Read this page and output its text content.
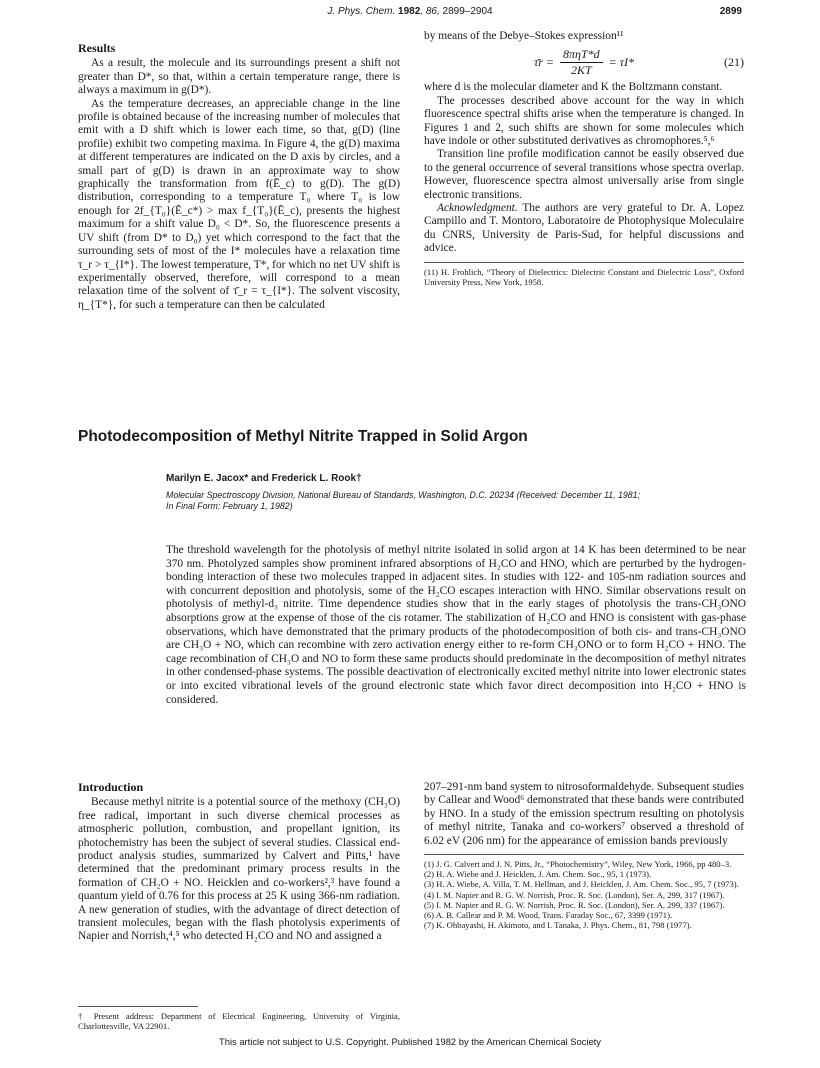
J. Phys. Chem. 1982, 86, 2899–2904	2899
Results

As a result, the molecule and its surroundings present a shift not greater than D*, so that, within a certain temperature range, there is always a maximum in g(D*).

As the temperature decreases, an appreciable change in the line profile is obtained because of the increasing number of molecules that emit with a D shift which is lower each time, so that, g(D) (line profile) exhibit two competing maxima. In Figure 4, the g(D) maxima at different temperatures are indicated on the D axis by circles, and a small part of g(D) is drawn in an approximate way to show graphically the transformation from f(Ē_c) to g(D). The g(D) distribution, corresponding to a temperature T₀ where T₀ is low enough for 2f_{T₀}(Ē_c*) > max f_{T₀}(Ē_c), presents the highest maximum for a shift value D₀ < D*. So, the fluorescence presents a UV shift (from D* to D₀) yet which correspond to the fact that the surrounding sets of most of the I* molecules have a relaxation time τ_r > τ_{I*}. The lowest temperature, T*, for which no net UV shift is experimentally observed, therefore, will correspond to a mean relaxation time of the solvent of τ̄_r = τ_{I*}. The solvent viscosity, η_{T*}, for such a temperature can then be calculated

by means of the Debye–Stokes expression¹¹

τ̄r = $\frac{\text{8πηT*d}}{2KT} = \tau I*$	(21)

where d is the molecular diameter and K the Boltzmann constant.

The processes described above account for the way in which fluorescence spectral shifts arise when the temperature is changed. In Figures 1 and 2, such shifts are shown for some molecules which have indole or other substituted derivatives as chromophores.⁵,⁶

Transition line profile modification cannot be easily observed due to the general occurrence of several transitions whose spectra overlap. However, fluorescence spectra almost universally arise from single electronic transitions.

Acknowledgment. The authors are very grateful to Dr. A. Lopez Campillo and T. Montoro, Laboratoire de Photophysique Moleculaire du CNRS, University de Paris-Sud, for helpful discussions and advice.

(11) H. Frohlich, “Theory of Dielectrics: Dielectric Constant and Dielectric Loss”, Oxford University Press, New York, 1958.
Photodecomposition of Methyl Nitrite Trapped in Solid Argon
Marilyn E. Jacox* and Frederick L. Rook†
Molecular Spectroscopy Division, National Bureau of Standards, Washington, D.C. 20234 (Received: December 11, 1981;
In Final Form: February 1, 1982)

The threshold wavelength for the photolysis of methyl nitrite isolated in solid argon at 14 K has been determined to be near 370 nm. Photolyzed samples show prominent infrared absorptions of H₂CO and HNO, which are perturbed by the hydrogen-bonding interaction of these two molecules trapped in adjacent sites. In studies with 122- and 105-nm radiation sources and with concurrent deposition and photolysis, some of the H₂CO escapes interaction with HNO. Similar observations result on photolysis of methyl-d₃ nitrite. Time dependence studies show that in the early stages of photolysis the trans-CH₃ONO absorptions grow at the expense of those of the cis rotamer. The stabilization of H₂CO and HNO is consistent with gas-phase observations, which have demonstrated that the primary products of the photodecomposition of both cis- and trans-CH₃ONO are CH₃O + NO, which can recombine with zero activation energy either to re-form CH₃ONO or to form H₂CO + HNO. The cage recombination of CH₃O and NO to form these same products should predominate in the decomposition of methyl nitrates in other condensed-phase systems. The possible deactivation of electronically excited methyl nitrite into lower electronic states or into excited vibrational levels of the ground electronic state which favor direct decomposition into H₂CO + HNO is considered.

Introduction

Because methyl nitrite is a potential source of the methoxy (CH₃O) free radical, important in such diverse chemical processes as atmospheric pollution, combustion, and propellant ignition, its photochemistry has been the subject of several studies. Classical end-product analysis studies, summarized by Calvert and Pitts,¹ have determined that the predominant primary process results in the formation of CH₂O + NO. Heicklen and co-workers²,³ have found a quantum yield of 0.76 for this process at 25 K using 366-nm radiation. A new generation of studies, with the advantage of direct detection of transient molecules, began with the flash photolysis experiments of Napier and Norrish,⁴,⁵ who detected H₂CO and NO and assigned a

† Present address: Department of Electrical Engineering, University of Virginia, Charlottesville, VA 22901.

207–291-nm band system to nitrosoformaldehyde. Subsequent studies by Callear and Wood⁶ demonstrated that these bands were contributed by HNO. In a study of the emission spectrum resulting on photolysis of methyl nitrite, Tanaka and co-workers⁷ observed a threshold of 6.02 eV (206 nm) for the appearance of emission bands previously

(1) J. G. Calvert and J. N. Pitts, Jr., “Photochemistry”, Wiley, New York, 1966, pp 480–3.
(2) H. A. Wiebe and J. Heicklen, J. Am. Chem. Soc., 95, 1 (1973).
(3) H. A. Wiebe, A. Villa, T. M. Hellman, and J. Heicklen, J. Am. Chem. Soc., 95, 7 (1973).
(4) I. M. Napier and R. G. W. Norrish, Proc. R. Soc. (London), Ser. A, 299, 317 (1967).
(5) I. M. Napier and R. G. W. Norrish, Proc. R. Soc. (London), Ser. A, 299, 337 (1967).
(6) A. B. Callear and P. M. Wood, Trans. Faraday Soc., 67, 3399 (1971).
(7) K. Ohbayashi, H. Akimoto, and I. Tanaka, J. Phys. Chem., 81, 798 (1977).
This article not subject to U.S. Copyright. Published 1982 by the American Chemical Society
